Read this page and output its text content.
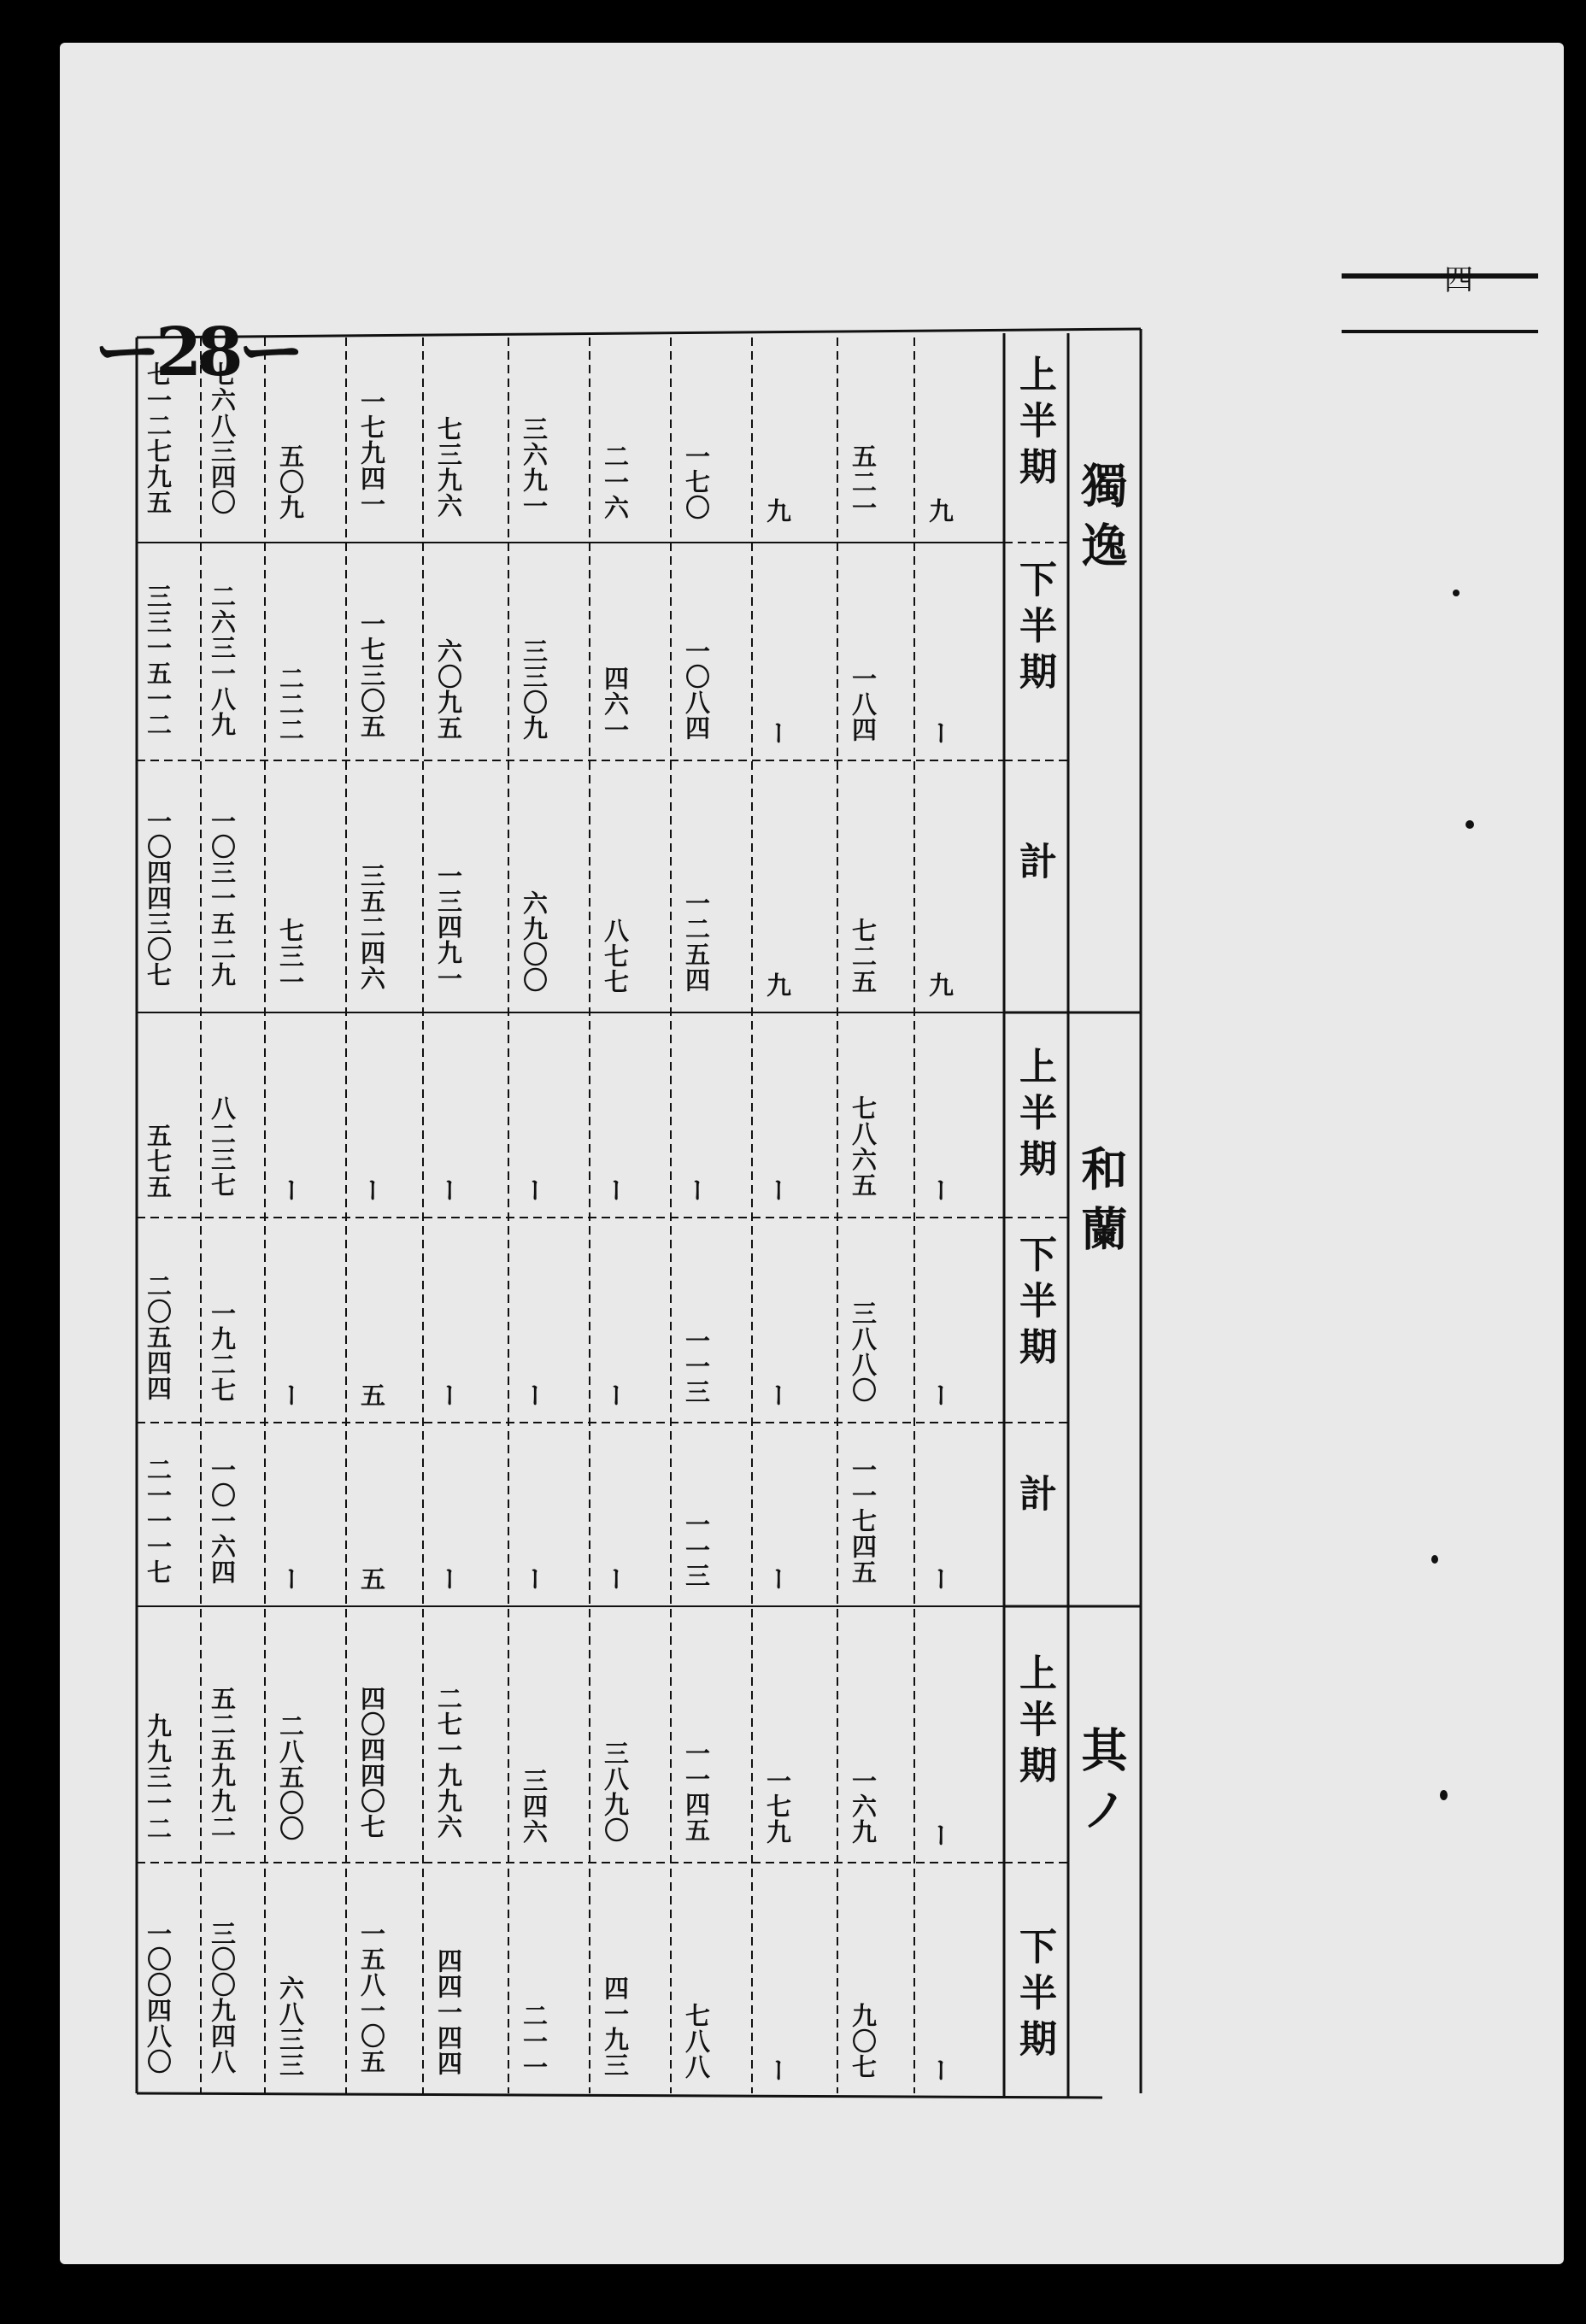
ー28ー
四
獨逸
和蘭
其ノ
上半期
下半期
計
上半期
下半期
計
上半期
下半期
九
ー
九
ー
ー
ー
ー
ー
五二一
一八四
七二五
七八六五
三八八〇
一一七四五
一六九
九〇七
九
ー
九
ー
ー
ー
一七九
ー
一七〇
一〇八四
一二五四
ー
一一三
一一三
一一四五
七八八
二一六
四六一
八七七
ー
ー
ー
三八九〇
四一九三
三六九一
三三〇九
六九〇〇
ー
ー
ー
三四六
二一一
七三九六
六〇九五
一三四九一
ー
ー
ー
二七一九九六
四四一四四
一七九四一
一七三〇五
三五二四六
ー
五
五
四〇四四〇七
一五八一〇五
五〇九
二二二
七三一
ー
ー
ー
二八五〇〇
六八三三
七六八三四〇
二六三一八九
一〇三一五二九
八二三七
一九二七
一〇一六四
五二五九九二
三〇〇九四八
七一二七九五
三三一五一二
一〇四四三〇七
五七五
二〇五四四
二一一一七
九九三一二
一〇〇四八〇
